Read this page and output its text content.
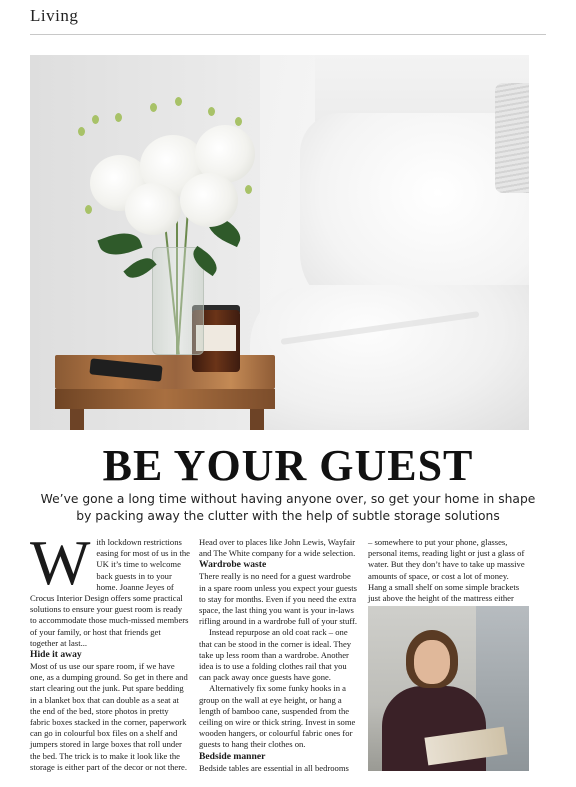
Living
BE YOUR GUEST

We’ve gone a long time without having anyone over, so get your home in shape by packing away the clutter with the help of subtle storage solutions

W ith lockdown restrictions easing for most of us in the UK it’s time to welcome back guests in to your home. Joanne Jeyes of Crocus Interior Design offers some practical solutions to ensure your guest room is ready to accommodate those much-missed members of your family, or host that friends get together at last...

Hide it away

Most of us use our spare room, if we have one, as a dumping ground. So get in there and start clearing out the junk. Put spare bedding in a blanket box that can double as a seat at the end of the bed, store photos in pretty fabric boxes stacked in the corner, paperwork can go in colourful box files on a shelf and jumpers stored in large boxes that roll under the bed. The trick is to make it look like the storage is either part of the decor or not there.

Head over to places like John Lewis, Wayfair and The White company for a wide selection.

Wardrobe waste

There really is no need for a guest wardrobe in a spare room unless you expect your guests to stay for months. Even if you need the extra space, the last thing you want is your in-laws rifling around in a wardrobe full of your stuff.

Instead repurpose an old coat rack – one that can be stood in the corner is ideal. They take up less room than a wardrobe. Another idea is to use a folding clothes rail that you can pack away once guests have gone.

Alternatively fix some funky hooks in a group on the wall at eye height, or hang a length of bamboo cane, suspended from the ceiling on wire or thick string. Invest in some wooden hangers, or colourful fabric ones for guests to hang their clothes on.

Bedside manner

Bedside tables are essential in all bedrooms

– somewhere to put your phone, glasses, personal items, reading light or just a glass of water. But they don’t have to take up massive amounts of space, or cost a lot of money. Hang a small shelf on some simple brackets just above the height of the mattress either
